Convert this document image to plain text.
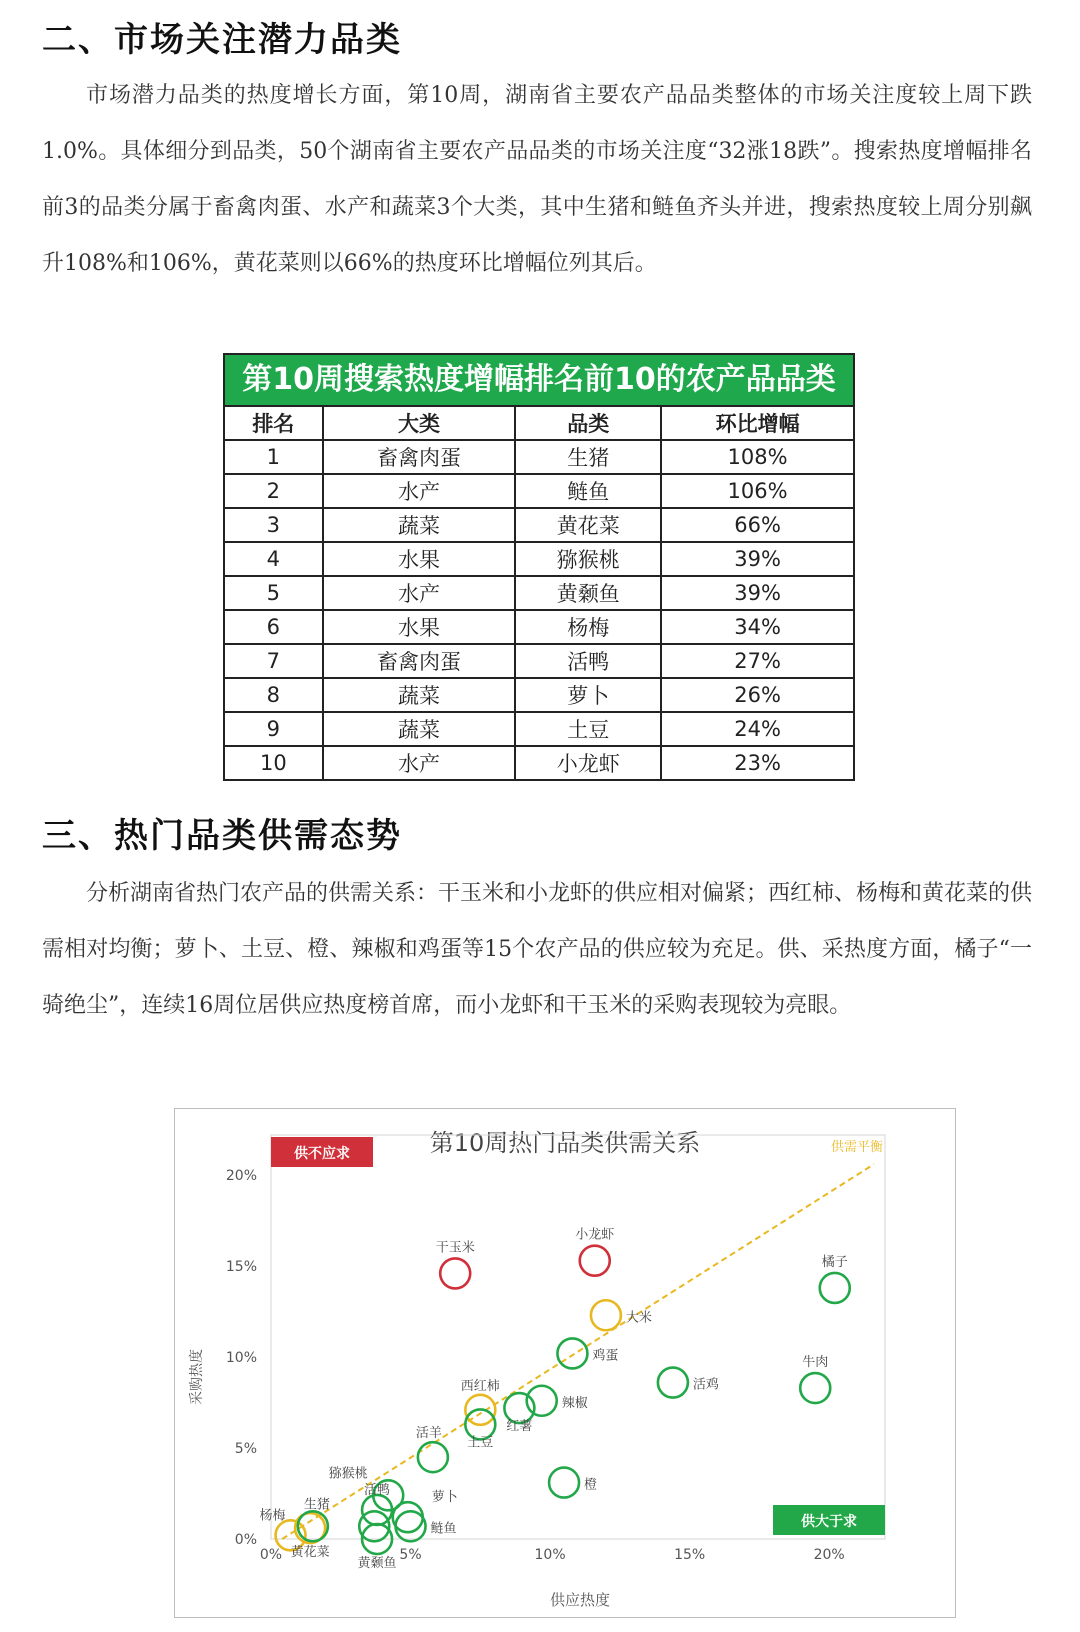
二、市场关注潜力品类

市场潜力品类的热度增长方面，第10周，湖南省主要农产品品类整体的市场关注度较上周下跌1.0%。具体细分到品类，50个湖南省主要农产品品类的市场关注度“32涨18跌”。搜索热度增幅排名前3的品类分属于畜禽肉蛋、水产和蔬菜3个大类，其中生猪和鲢鱼齐头并进，搜索热度较上周分别飙升108%和106%，黄花菜则以66%的热度环比增幅位列其后。

第10周搜索热度增幅排名前10的农产品品类
排名	大类	品类	环比增幅
1	畜禽肉蛋	生猪	108%
2	水产	鲢鱼	106%
3	蔬菜	黄花菜	66%
4	水果	猕猴桃	39%
5	水产	黄颡鱼	39%
6	水果	杨梅	34%
7	畜禽肉蛋	活鸭	27%
8	蔬菜	萝卜	26%
9	蔬菜	土豆	24%
10	水产	小龙虾	23%
三、热门品类供需态势

分析湖南省热门农产品的供需关系：干玉米和小龙虾的供应相对偏紧；西红柿、杨梅和黄花菜的供需相对均衡；萝卜、土豆、橙、辣椒和鸡蛋等15个农产品的供应较为充足。供、采热度方面，橘子“一骑绝尘”，连续16周位居供应热度榜首席，而小龙虾和干玉米的采购表现较为亮眼。

第10周热门品类供需关系
供不应求
供大于求
供需平衡
0%	5%	10%	15%	20%
0%
5%
10%
15%
20%
干玉米
小龙虾
大米
西红柿
杨梅
黄花菜
橘子
牛肉
鸡蛋
活鸡
辣椒
红薯
土豆
活羊
橙
猕猴桃
活鸭	萝卜
鲢鱼
黄颡鱼
生猪
供应热度
采购热度
